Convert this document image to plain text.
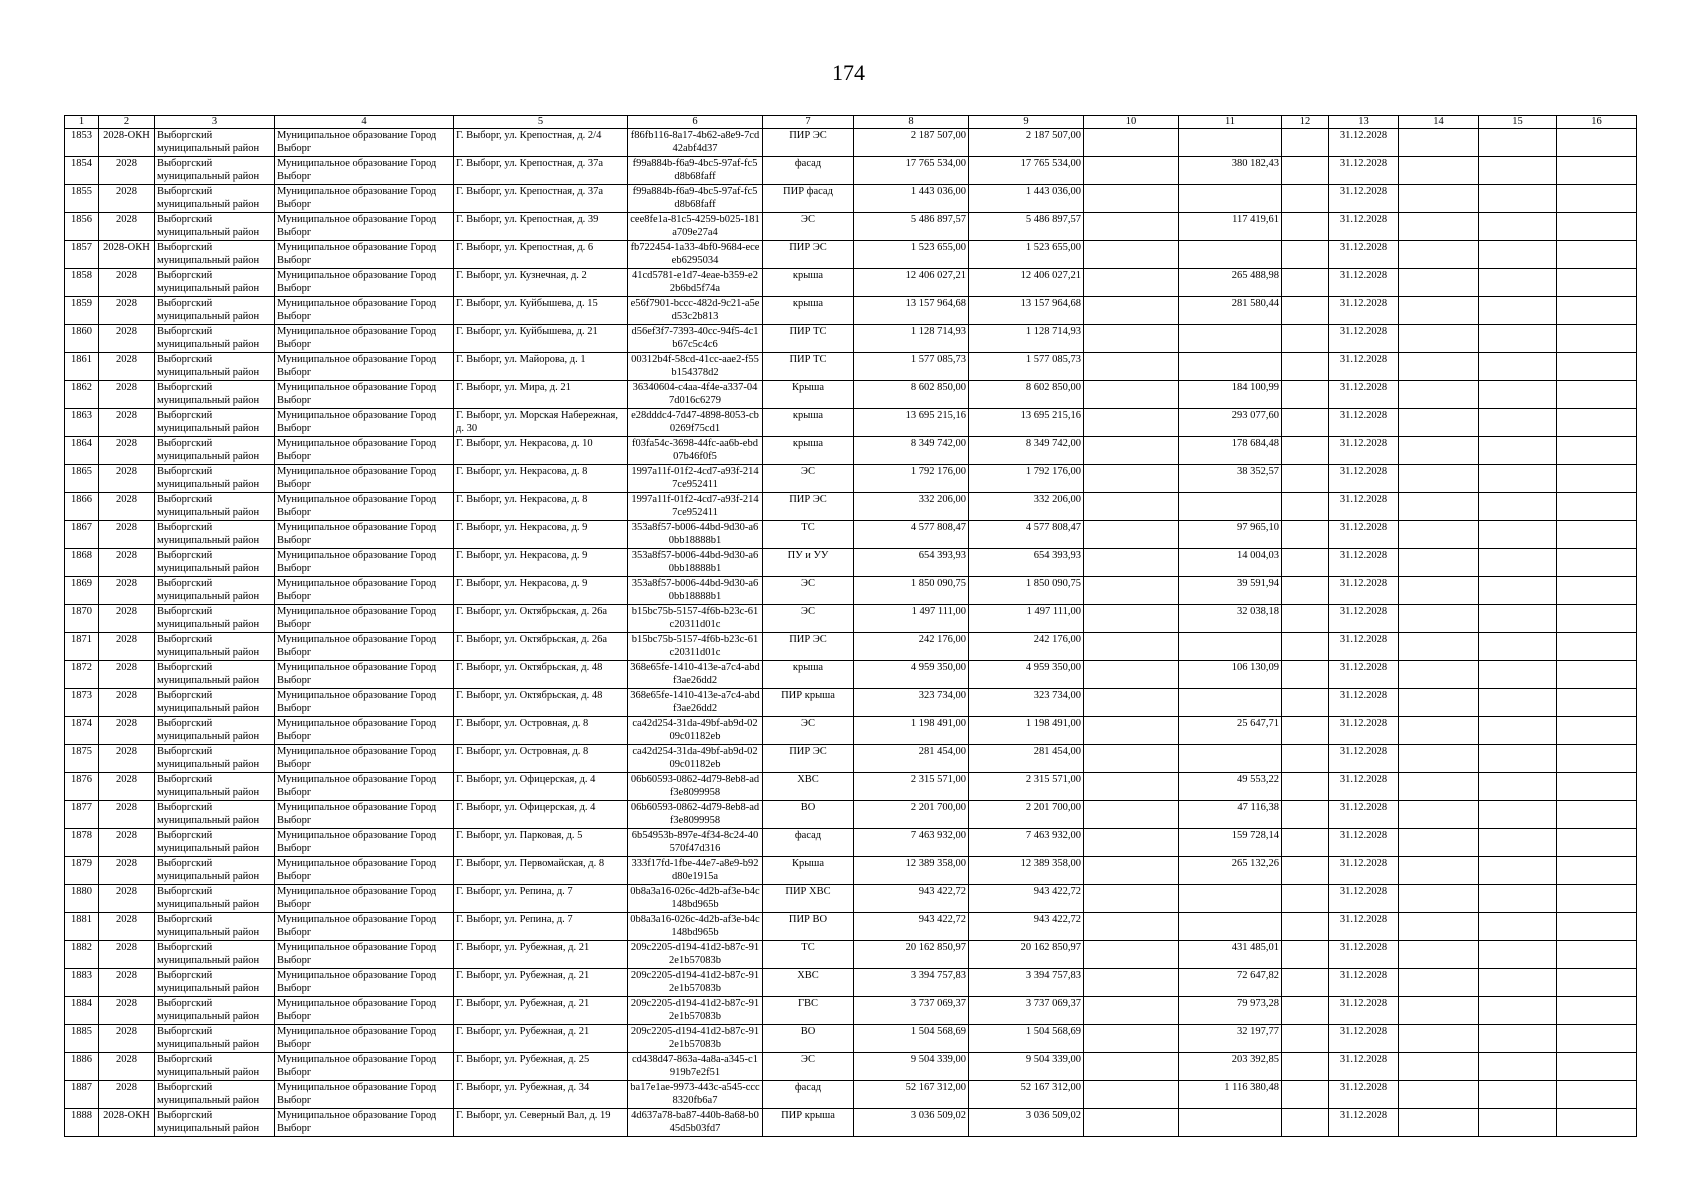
174
1	2	3	4	5	6	7	8	9	10	11	12	13	14	15	16
1853	2028-ОКН	Выборгский муниципальный район	Муниципальное образование Город Выборг	Г. Выборг, ул. Крепостная, д. 2/4	f86fb116-8a17-4b62-a8e9-7cd42abf4d37	ПИР ЭС	2 187 507,00	2 187 507,00				31.12.2028			
1854	2028	Выборгский муниципальный район	Муниципальное образование Город Выборг	Г. Выборг, ул. Крепостная, д. 37а	f99a884b-f6a9-4bc5-97af-fc5d8b68faff	фасад	17 765 534,00	17 765 534,00		380 182,43		31.12.2028			
1855	2028	Выборгский муниципальный район	Муниципальное образование Город Выборг	Г. Выборг, ул. Крепостная, д. 37а	f99a884b-f6a9-4bc5-97af-fc5d8b68faff	ПИР фасад	1 443 036,00	1 443 036,00				31.12.2028			
1856	2028	Выборгский муниципальный район	Муниципальное образование Город Выборг	Г. Выборг, ул. Крепостная, д. 39	cee8fe1a-81c5-4259-b025-181a709e27a4	ЭС	5 486 897,57	5 486 897,57		117 419,61		31.12.2028			
1857	2028-ОКН	Выборгский муниципальный район	Муниципальное образование Город Выборг	Г. Выборг, ул. Крепостная, д. 6	fb722454-1a33-4bf0-9684-eceeb6295034	ПИР ЭС	1 523 655,00	1 523 655,00				31.12.2028			
1858	2028	Выборгский муниципальный район	Муниципальное образование Город Выборг	Г. Выборг, ул. Кузнечная, д. 2	41cd5781-e1d7-4eae-b359-e22b6bd5f74a	крыша	12 406 027,21	12 406 027,21		265 488,98		31.12.2028			
1859	2028	Выборгский муниципальный район	Муниципальное образование Город Выборг	Г. Выборг, ул. Куйбышева, д. 15	e56f7901-bccc-482d-9c21-a5ed53c2b813	крыша	13 157 964,68	13 157 964,68		281 580,44		31.12.2028			
1860	2028	Выборгский муниципальный район	Муниципальное образование Город Выборг	Г. Выборг, ул. Куйбышева, д. 21	d56ef3f7-7393-40cc-94f5-4c1b67c5c4c6	ПИР ТС	1 128 714,93	1 128 714,93				31.12.2028			
1861	2028	Выборгский муниципальный район	Муниципальное образование Город Выборг	Г. Выборг, ул. Майорова, д. 1	00312b4f-58cd-41cc-aae2-f55b154378d2	ПИР ТС	1 577 085,73	1 577 085,73				31.12.2028			
1862	2028	Выборгский муниципальный район	Муниципальное образование Город Выборг	Г. Выборг, ул. Мира, д. 21	36340604-c4aa-4f4e-a337-047d016c6279	Крыша	8 602 850,00	8 602 850,00		184 100,99		31.12.2028			
1863	2028	Выборгский муниципальный район	Муниципальное образование Город Выборг	Г. Выборг, ул. Морская Набережная, д. 30	e28dddc4-7d47-4898-8053-cb0269f75cd1	крыша	13 695 215,16	13 695 215,16		293 077,60		31.12.2028			
1864	2028	Выборгский муниципальный район	Муниципальное образование Город Выборг	Г. Выборг, ул. Некрасова, д. 10	f03fa54c-3698-44fc-aa6b-ebd07b46f0f5	крыша	8 349 742,00	8 349 742,00		178 684,48		31.12.2028			
1865	2028	Выборгский муниципальный район	Муниципальное образование Город Выборг	Г. Выборг, ул. Некрасова, д. 8	1997a11f-01f2-4cd7-a93f-2147ce952411	ЭС	1 792 176,00	1 792 176,00		38 352,57		31.12.2028			
1866	2028	Выборгский муниципальный район	Муниципальное образование Город Выборг	Г. Выборг, ул. Некрасова, д. 8	1997a11f-01f2-4cd7-a93f-2147ce952411	ПИР ЭС	332 206,00	332 206,00				31.12.2028			
1867	2028	Выборгский муниципальный район	Муниципальное образование Город Выборг	Г. Выборг, ул. Некрасова, д. 9	353a8f57-b006-44bd-9d30-a60bb18888b1	ТС	4 577 808,47	4 577 808,47		97 965,10		31.12.2028			
1868	2028	Выборгский муниципальный район	Муниципальное образование Город Выборг	Г. Выборг, ул. Некрасова, д. 9	353a8f57-b006-44bd-9d30-a60bb18888b1	ПУ и УУ	654 393,93	654 393,93		14 004,03		31.12.2028			
1869	2028	Выборгский муниципальный район	Муниципальное образование Город Выборг	Г. Выборг, ул. Некрасова, д. 9	353a8f57-b006-44bd-9d30-a60bb18888b1	ЭС	1 850 090,75	1 850 090,75		39 591,94		31.12.2028			
1870	2028	Выборгский муниципальный район	Муниципальное образование Город Выборг	Г. Выборг, ул. Октябрьская, д. 26а	b15bc75b-5157-4f6b-b23c-61c20311d01c	ЭС	1 497 111,00	1 497 111,00		32 038,18		31.12.2028			
1871	2028	Выборгский муниципальный район	Муниципальное образование Город Выборг	Г. Выборг, ул. Октябрьская, д. 26а	b15bc75b-5157-4f6b-b23c-61c20311d01c	ПИР ЭС	242 176,00	242 176,00				31.12.2028			
1872	2028	Выборгский муниципальный район	Муниципальное образование Город Выборг	Г. Выборг, ул. Октябрьская, д. 48	368e65fe-1410-413e-a7c4-abdf3ae26dd2	крыша	4 959 350,00	4 959 350,00		106 130,09		31.12.2028			
1873	2028	Выборгский муниципальный район	Муниципальное образование Город Выборг	Г. Выборг, ул. Октябрьская, д. 48	368e65fe-1410-413e-a7c4-abdf3ae26dd2	ПИР крыша	323 734,00	323 734,00				31.12.2028			
1874	2028	Выборгский муниципальный район	Муниципальное образование Город Выборг	Г. Выборг, ул. Островная, д. 8	ca42d254-31da-49bf-ab9d-0209c01182eb	ЭС	1 198 491,00	1 198 491,00		25 647,71		31.12.2028			
1875	2028	Выборгский муниципальный район	Муниципальное образование Город Выборг	Г. Выборг, ул. Островная, д. 8	ca42d254-31da-49bf-ab9d-0209c01182eb	ПИР ЭС	281 454,00	281 454,00				31.12.2028			
1876	2028	Выборгский муниципальный район	Муниципальное образование Город Выборг	Г. Выборг, ул. Офицерская, д. 4	06b60593-0862-4d79-8eb8-adf3e8099958	ХВС	2 315 571,00	2 315 571,00		49 553,22		31.12.2028			
1877	2028	Выборгский муниципальный район	Муниципальное образование Город Выборг	Г. Выборг, ул. Офицерская, д. 4	06b60593-0862-4d79-8eb8-adf3e8099958	ВО	2 201 700,00	2 201 700,00		47 116,38		31.12.2028			
1878	2028	Выборгский муниципальный район	Муниципальное образование Город Выборг	Г. Выборг, ул. Парковая, д. 5	6b54953b-897e-4f34-8c24-40570f47d316	фасад	7 463 932,00	7 463 932,00		159 728,14		31.12.2028			
1879	2028	Выборгский муниципальный район	Муниципальное образование Город Выборг	Г. Выборг, ул. Первомайская, д. 8	333f17fd-1fbe-44e7-a8e9-b92d80e1915a	Крыша	12 389 358,00	12 389 358,00		265 132,26		31.12.2028			
1880	2028	Выборгский муниципальный район	Муниципальное образование Город Выборг	Г. Выборг, ул. Репина, д. 7	0b8a3a16-026c-4d2b-af3e-b4c148bd965b	ПИР ХВС	943 422,72	943 422,72				31.12.2028			
1881	2028	Выборгский муниципальный район	Муниципальное образование Город Выборг	Г. Выборг, ул. Репина, д. 7	0b8a3a16-026c-4d2b-af3e-b4c148bd965b	ПИР ВО	943 422,72	943 422,72				31.12.2028			
1882	2028	Выборгский муниципальный район	Муниципальное образование Город Выборг	Г. Выборг, ул. Рубежная, д. 21	209c2205-d194-41d2-b87c-912e1b57083b	ТС	20 162 850,97	20 162 850,97		431 485,01		31.12.2028			
1883	2028	Выборгский муниципальный район	Муниципальное образование Город Выборг	Г. Выборг, ул. Рубежная, д. 21	209c2205-d194-41d2-b87c-912e1b57083b	ХВС	3 394 757,83	3 394 757,83		72 647,82		31.12.2028			
1884	2028	Выборгский муниципальный район	Муниципальное образование Город Выборг	Г. Выборг, ул. Рубежная, д. 21	209c2205-d194-41d2-b87c-912e1b57083b	ГВС	3 737 069,37	3 737 069,37		79 973,28		31.12.2028			
1885	2028	Выборгский муниципальный район	Муниципальное образование Город Выборг	Г. Выборг, ул. Рубежная, д. 21	209c2205-d194-41d2-b87c-912e1b57083b	ВО	1 504 568,69	1 504 568,69		32 197,77		31.12.2028			
1886	2028	Выборгский муниципальный район	Муниципальное образование Город Выборг	Г. Выборг, ул. Рубежная, д. 25	cd438d47-863a-4a8a-a345-c1919b7e2f51	ЭС	9 504 339,00	9 504 339,00		203 392,85		31.12.2028			
1887	2028	Выборгский муниципальный район	Муниципальное образование Город Выборг	Г. Выборг, ул. Рубежная, д. 34	ba17e1ae-9973-443c-a545-ccc8320fb6a7	фасад	52 167 312,00	52 167 312,00		1 116 380,48		31.12.2028			
1888	2028-ОКН	Выборгский муниципальный район	Муниципальное образование Город Выборг	Г. Выборг, ул. Северный Вал, д. 19	4d637a78-ba87-440b-8a68-b045d5b03fd7	ПИР крыша	3 036 509,02	3 036 509,02				31.12.2028			
